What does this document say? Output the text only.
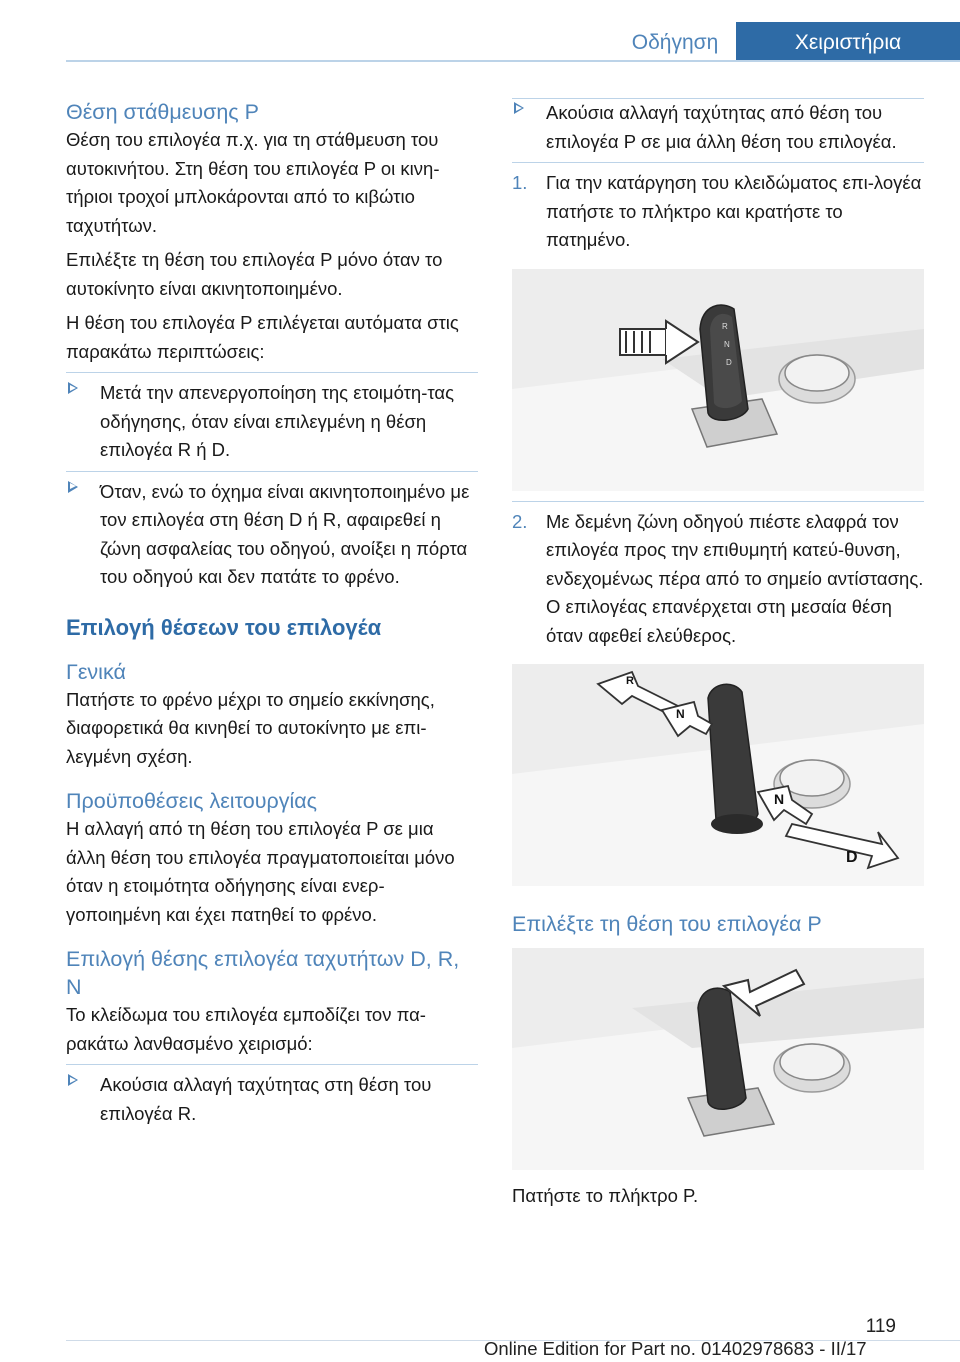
Οδήγηση	Χειριστήρια
Θέση στάθμευσης P

Θέση του επιλογέα π.χ. για τη στάθμευση του αυτοκινήτου. Στη θέση του επιλογέα P οι κινη‐τήριοι τροχοί μπλοκάρονται από το κιβώτιο ταχυτήτων.

Επιλέξτε τη θέση του επιλογέα P μόνο όταν το αυτοκίνητο είναι ακινητοποιημένο.

Η θέση του επιλογέα P επιλέγεται αυτόματα στις παρακάτω περιπτώσεις:

Μετά την απενεργοποίηση της ετοιμότη‐τας οδήγησης, όταν είναι επιλεγμένη η θέση επιλογέα R ή D.
Όταν, ενώ το όχημα είναι ακινητοποιημένο με τον επιλογέα στη θέση D ή R, αφαιρεθεί η ζώνη ασφαλείας του οδηγού, ανοίξει η πόρτα του οδηγού και δεν πατάτε το φρένο.
Επιλογή θέσεων του επιλογέα
Γενικά

Πατήστε το φρένο μέχρι το σημείο εκκίνησης, διαφορετικά θα κινηθεί το αυτοκίνητο με επι‐λεγμένη σχέση.

Προϋποθέσεις λειτουργίας

Η αλλαγή από τη θέση του επιλογέα P σε μια άλλη θέση του επιλογέα πραγματοποιείται μόνο όταν η ετοιμότητα οδήγησης είναι ενερ‐γοποιημένη και έχει πατηθεί το φρένο.

Επιλογή θέσης επιλογέα ταχυτήτων D, R, N

Το κλείδωμα του επιλογέα εμποδίζει τον πα‐ρακάτω λανθασμένο χειρισμό:

Ακούσια αλλαγή ταχύτητας στη θέση του επιλογέα R.
Ακούσια αλλαγή ταχύτητας από θέση του επιλογέα P σε μια άλλη θέση του επιλογέα.
1. Για την κατάργηση του κλειδώματος επι‐λογέα πατήστε το πλήκτρο και κρατήστε το πατημένο.
R
N
D
2. Με δεμένη ζώνη οδηγού πιέστε ελαφρά τον επιλογέα προς την επιθυμητή κατεύ‐θυνση, ενδεχομένως πέρα από το σημείο αντίστασης. Ο επιλογέας επανέρχεται στη μεσαία θέση όταν αφεθεί ελεύθερος.
R
N
N
D
Επιλέξτε τη θέση του επιλογέα P

Πατήστε το πλήκτρο P.

119
Online Edition for Part no. 01402978683 - II/17
